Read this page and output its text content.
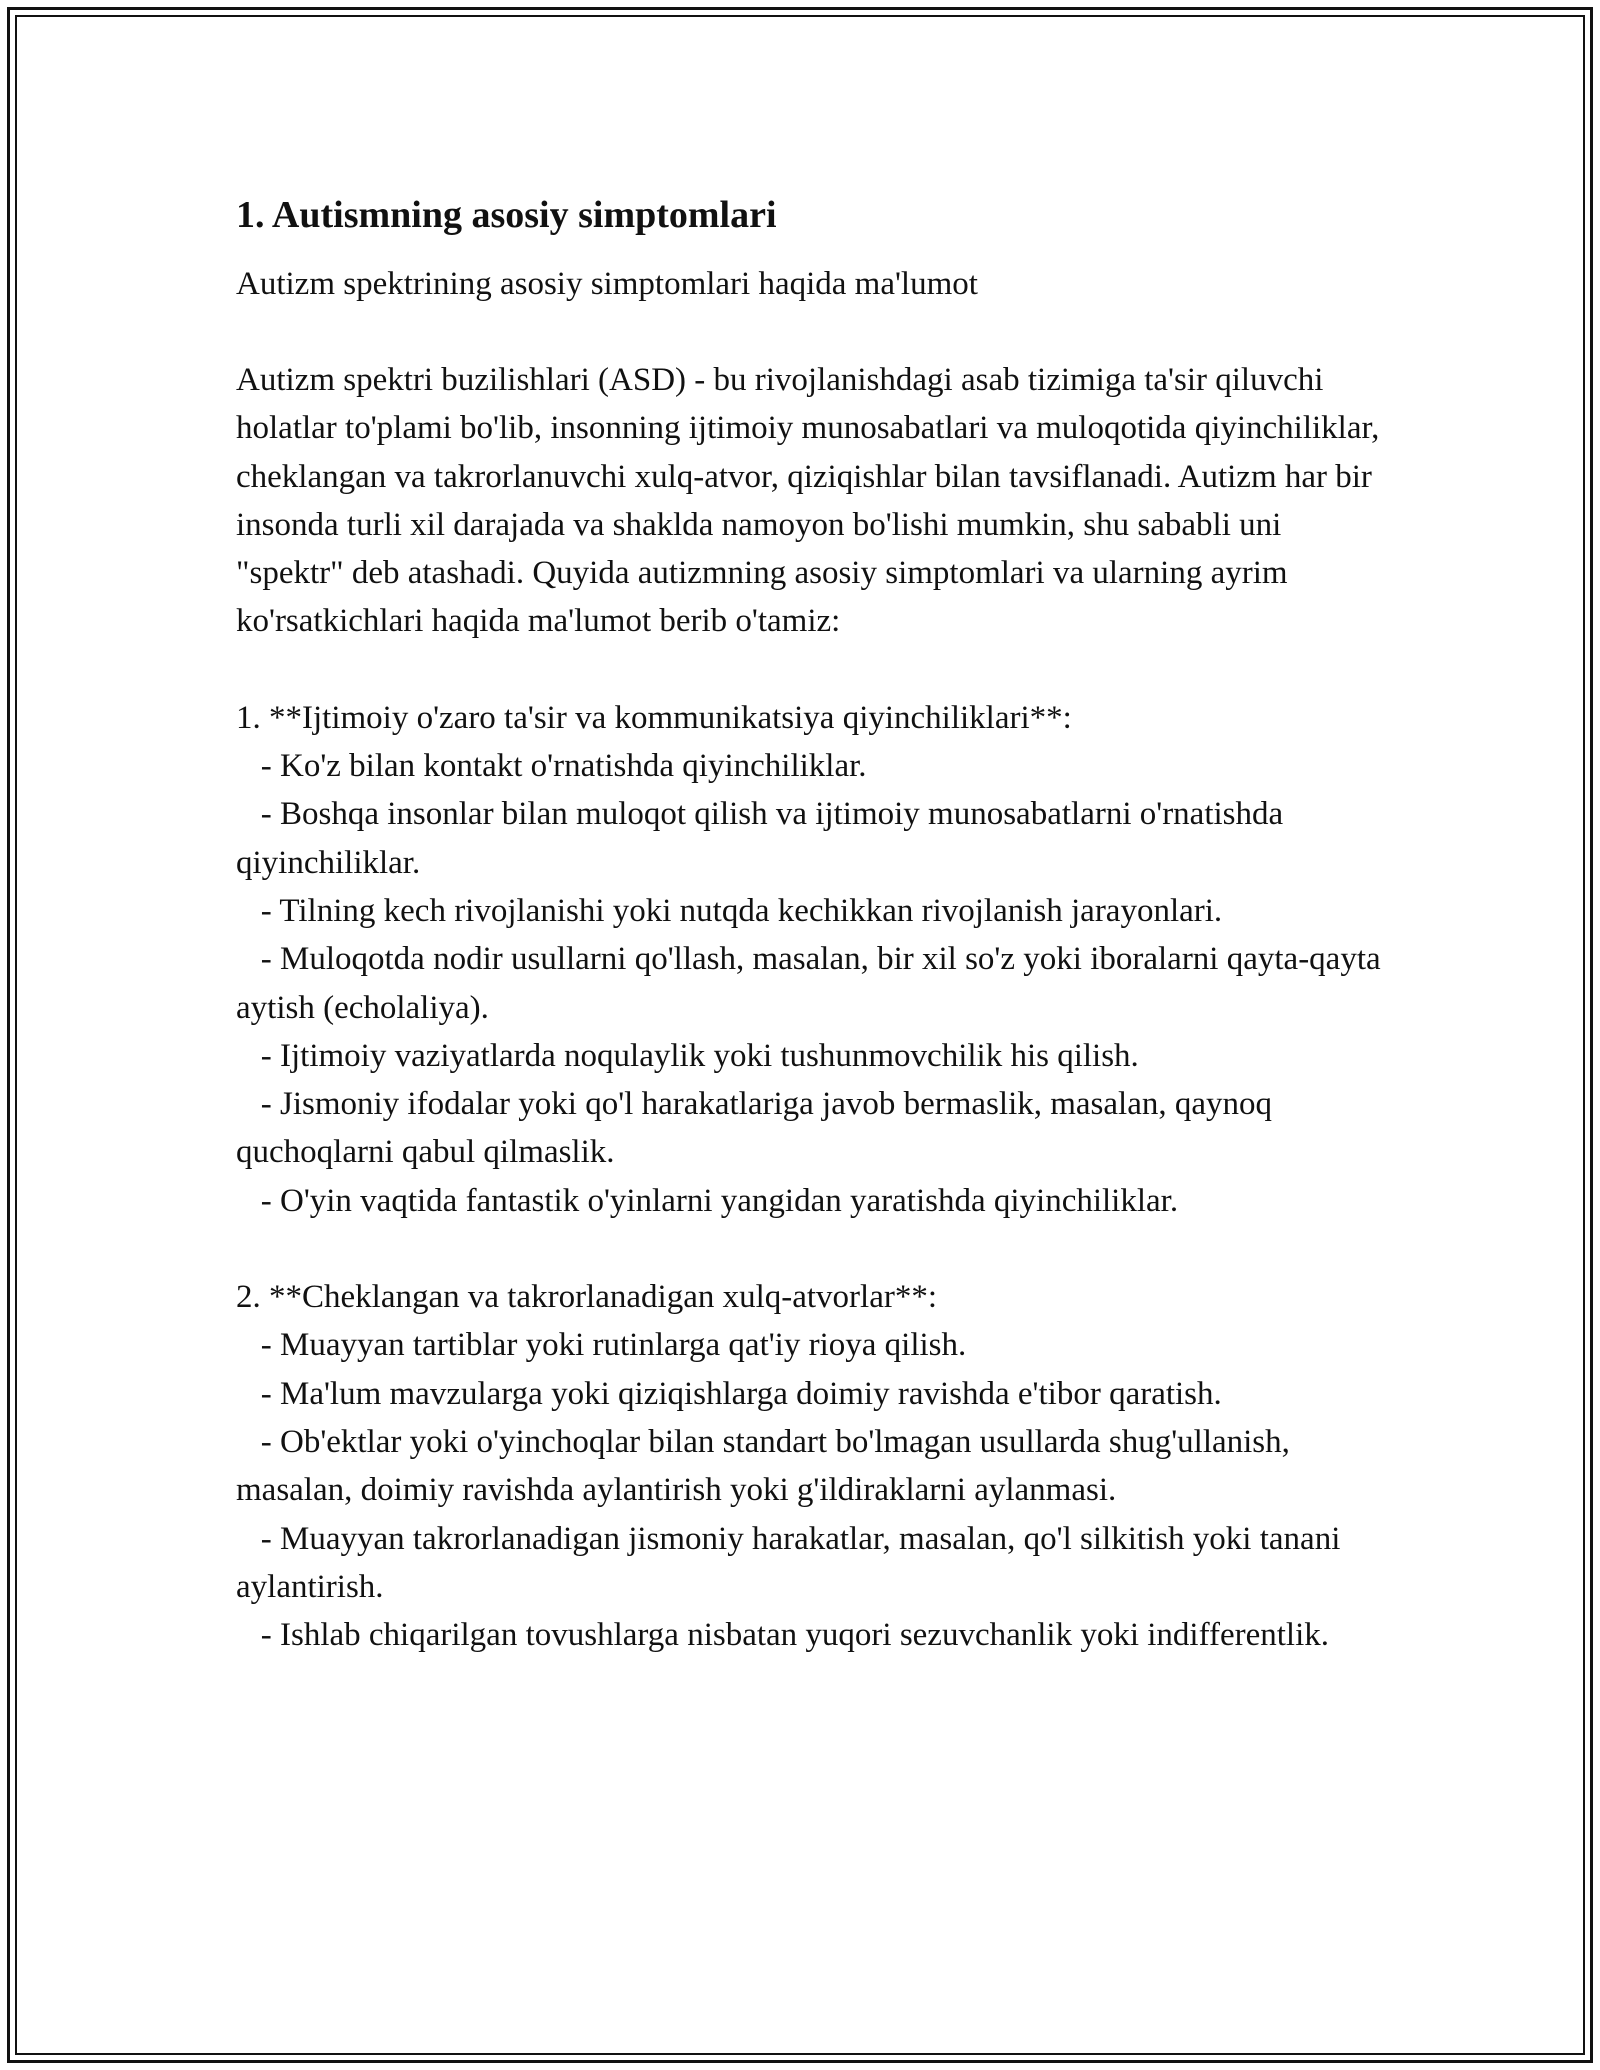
1. Autismning asosiy simptomlari

Autizm spektrining asosiy simptomlari haqida ma'lumot

Autizm spektri buzilishlari (ASD) - bu rivojlanishdagi asab tizimiga ta'sir qiluvchi holatlar to'plami bo'lib, insonning ijtimoiy munosabatlari va muloqotida qiyinchiliklar, cheklangan va takrorlanuvchi xulq-atvor, qiziqishlar bilan tavsiflanadi. Autizm har bir insonda turli xil darajada va shaklda namoyon bo'lishi mumkin, shu sababli uni "spektr" deb atashadi. Quyida autizmning asosiy simptomlari va ularning ayrim ko'rsatkichlari haqida ma'lumot berib o'tamiz:

1. **Ijtimoiy o'zaro ta'sir va kommunikatsiya qiyinchiliklari**:
- Ko'z bilan kontakt o'rnatishda qiyinchiliklar.
- Boshqa insonlar bilan muloqot qilish va ijtimoiy munosabatlarni o'rnatishda qiyinchiliklar.
- Tilning kech rivojlanishi yoki nutqda kechikkan rivojlanish jarayonlari.
- Muloqotda nodir usullarni qo'llash, masalan, bir xil so'z yoki iboralarni qayta-qayta aytish (echolaliya).
- Ijtimoiy vaziyatlarda noqulaylik yoki tushunmovchilik his qilish.
- Jismoniy ifodalar yoki qo'l harakatlariga javob bermaslik, masalan, qaynoq quchoqlarni qabul qilmaslik.
- O'yin vaqtida fantastik o'yinlarni yangidan yaratishda qiyinchiliklar.
2. **Cheklangan va takrorlanadigan xulq-atvorlar**:
- Muayyan tartiblar yoki rutinlarga qat'iy rioya qilish.
- Ma'lum mavzularga yoki qiziqishlarga doimiy ravishda e'tibor qaratish.
- Ob'ektlar yoki o'yinchoqlar bilan standart bo'lmagan usullarda shug'ullanish, masalan, doimiy ravishda aylantirish yoki g'ildiraklarni aylanmasi.
- Muayyan takrorlanadigan jismoniy harakatlar, masalan, qo'l silkitish yoki tanani aylantirish.
- Ishlab chiqarilgan tovushlarga nisbatan yuqori sezuvchanlik yoki indifferentlik.
